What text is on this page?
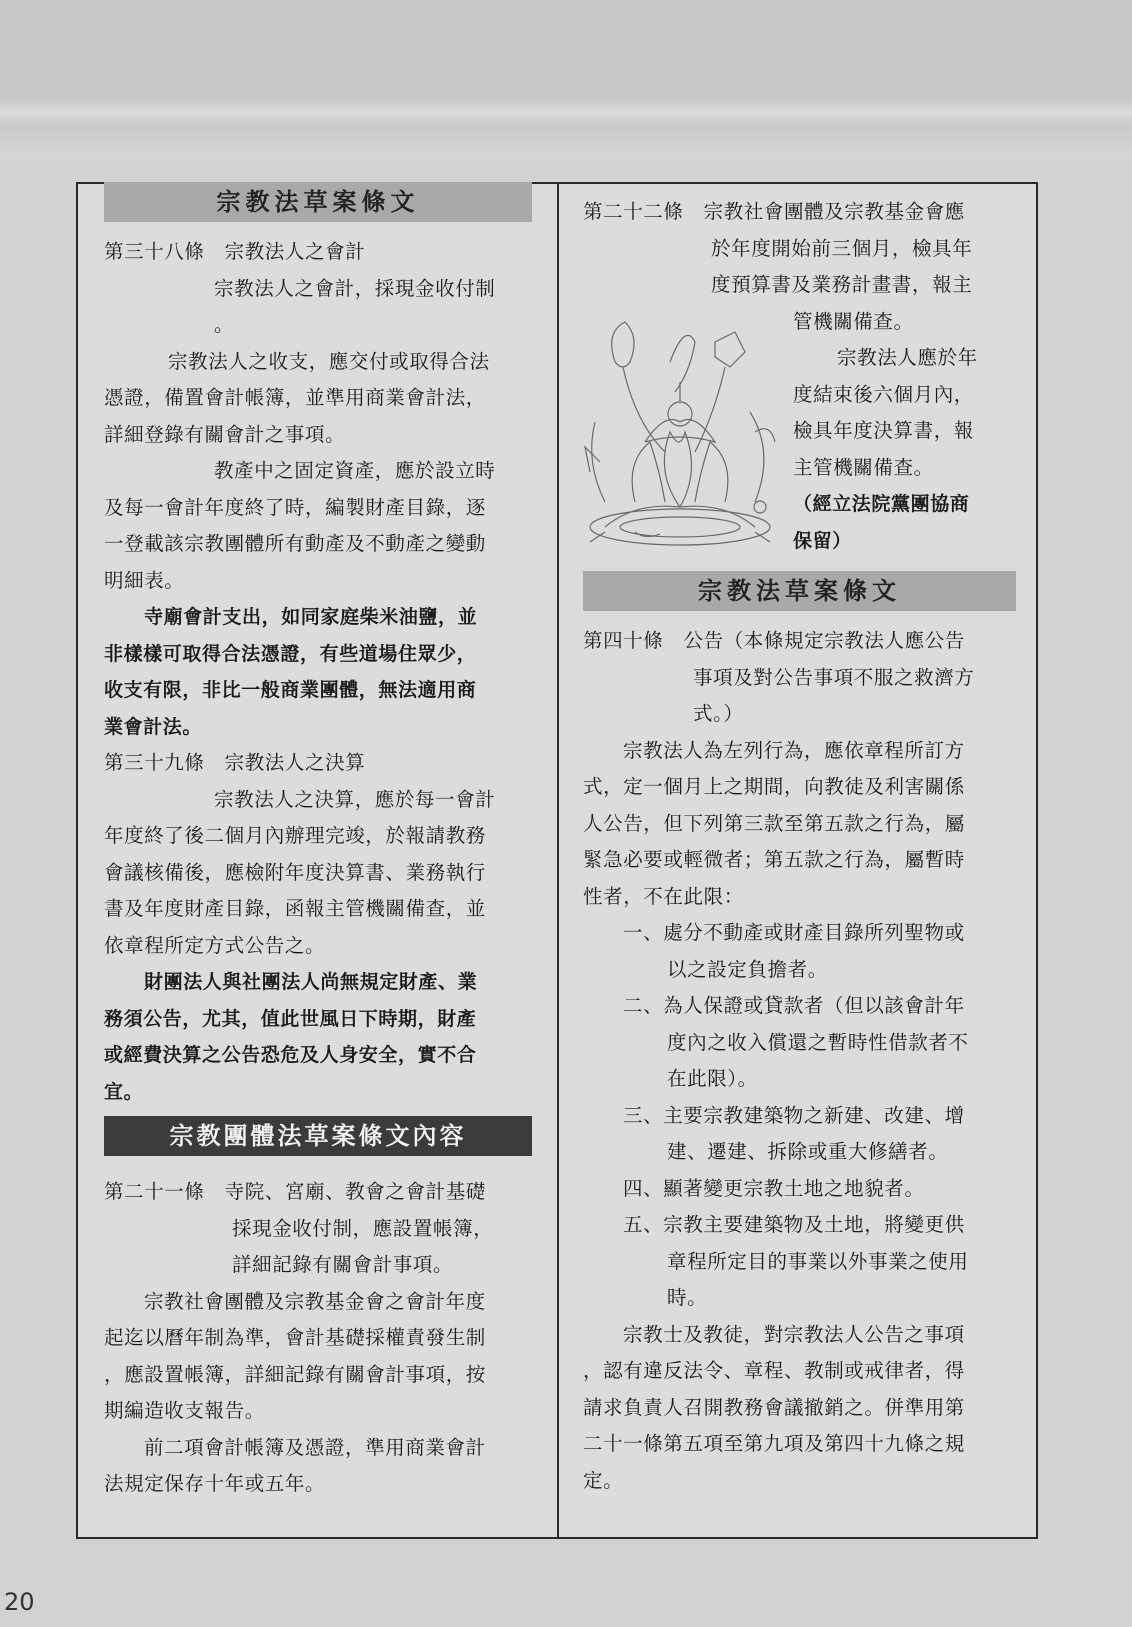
宗教法草案條文
第三十八條　宗教法人之會計
宗教法人之會計，採現金收付制
。
宗教法人之收支，應交付或取得合法
憑證，備置會計帳簿，並準用商業會計法，
詳細登錄有關會計之事項。
教產中之固定資產，應於設立時
及每一會計年度終了時，編製財產目錄，逐
一登載該宗教團體所有動產及不動產之變動
明細表。
寺廟會計支出，如同家庭柴米油鹽，並
非樣樣可取得合法憑證，有些道場住眾少，
收支有限，非比一般商業團體，無法適用商
業會計法。
第三十九條　宗教法人之決算
宗教法人之決算，應於每一會計
年度終了後二個月內辦理完竣，於報請教務
會議核備後，應檢附年度決算書、業務執行
書及年度財產目錄，函報主管機關備查，並
依章程所定方式公告之。
財團法人與社團法人尚無規定財產、業
務須公告，尤其，值此世風日下時期，財產
或經費決算之公告恐危及人身安全，實不合
宜。
宗教團體法草案條文內容
第二十一條　寺院、宮廟、教會之會計基礎
採現金收付制，應設置帳簿，
詳細記錄有關會計事項。
宗教社會團體及宗教基金會之會計年度
起迄以曆年制為準，會計基礎採權責發生制
，應設置帳簿，詳細記錄有關會計事項，按
期編造收支報告。
前二項會計帳簿及憑證，準用商業會計
法規定保存十年或五年。
第二十二條　宗教社會團體及宗教基金會應
於年度開始前三個月，檢具年
度預算書及業務計畫書，報主
管機關備查。
宗教法人應於年
度結束後六個月內，
檢具年度決算書，報
主管機關備查。
（經立法院黨團協商
保留）
宗教法草案條文
第四十條　公告（本條規定宗教法人應公告
事項及對公告事項不服之救濟方
式。）
宗教法人為左列行為，應依章程所訂方
式，定一個月上之期間，向教徒及利害關係
人公告，但下列第三款至第五款之行為，屬
緊急必要或輕微者；第五款之行為，屬暫時
性者，不在此限：
一、處分不動產或財產目錄所列聖物或
以之設定負擔者。
二、為人保證或貸款者（但以該會計年
度內之收入償還之暫時性借款者不
在此限）。
三、主要宗教建築物之新建、改建、增
建、遷建、拆除或重大修繕者。
四、顯著變更宗教土地之地貌者。
五、宗教主要建築物及土地，將變更供
章程所定目的事業以外事業之使用
時。
宗教士及教徒，對宗教法人公告之事項
，認有違反法令、章程、教制或戒律者，得
請求負責人召開教務會議撤銷之。併準用第
二十一條第五項至第九項及第四十九條之規
定。
20
